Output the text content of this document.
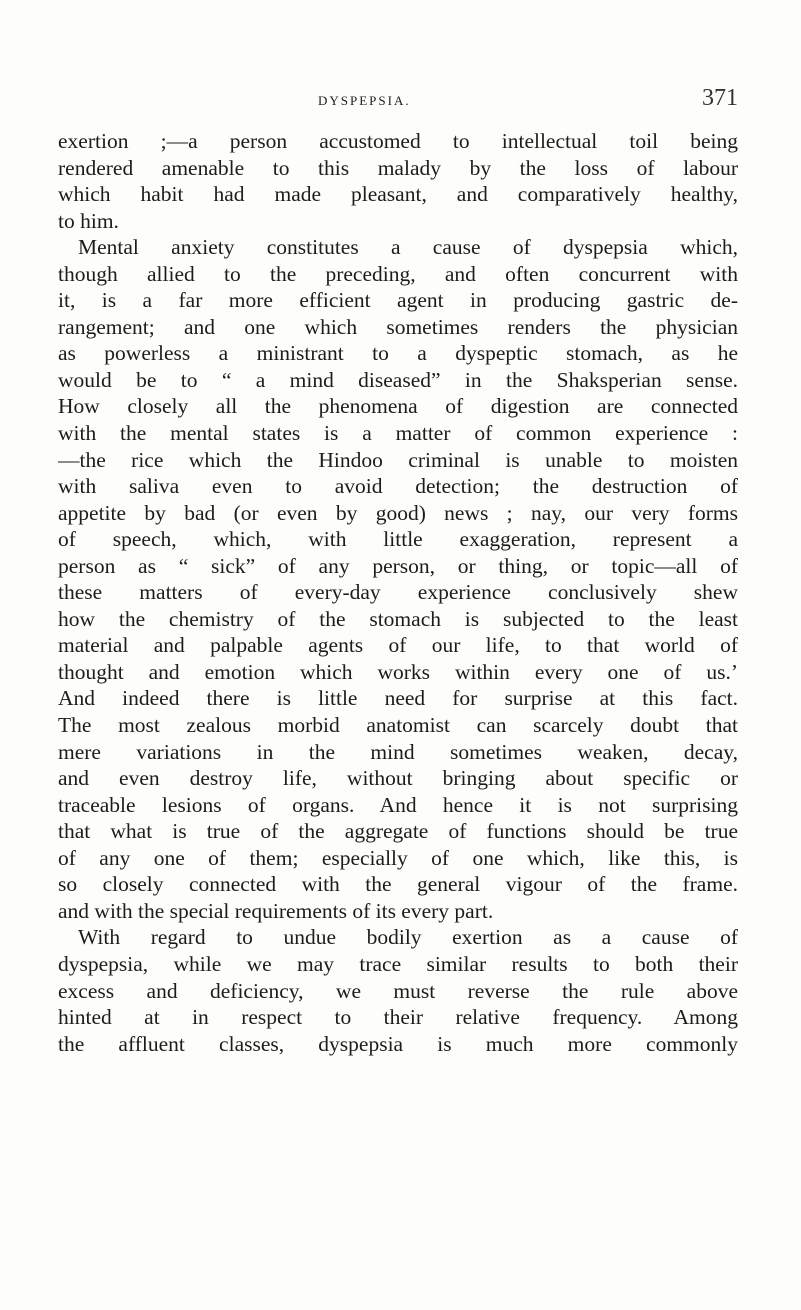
DYSPEPSIA.	371
exertion ;—a person accustomed to intellectual toil being
rendered amenable to this malady by the loss of labour
which habit had made pleasant, and comparatively healthy,
to him.
Mental anxiety constitutes a cause of dyspepsia which,
though allied to the preceding, and often concurrent with
it, is a far more efficient agent in producing gastric de-
rangement; and one which sometimes renders the physician
as powerless a ministrant to a dyspeptic stomach, as he
would be to “ a mind diseased” in the Shaksperian sense.
How closely all the phenomena of digestion are connected
with the mental states is a matter of common experience :
—the rice which the Hindoo criminal is unable to moisten
with saliva even to avoid detection; the destruction of
appetite by bad (or even by good) news ; nay, our very forms
of speech, which, with little exaggeration, represent a
person as “ sick” of any person, or thing, or topic—all of
these matters of every-day experience conclusively shew
how the chemistry of the stomach is subjected to the least
material and palpable agents of our life, to that world of
thought and emotion which works within every one of us.’
And indeed there is little need for surprise at this fact.
The most zealous morbid anatomist can scarcely doubt that
mere variations in the mind sometimes weaken, decay,
and even destroy life, without bringing about specific or
traceable lesions of organs. And hence it is not surprising
that what is true of the aggregate of functions should be true
of any one of them; especially of one which, like this, is
so closely connected with the general vigour of the frame.
and with the special requirements of its every part.
With regard to undue bodily exertion as a cause of
dyspepsia, while we may trace similar results to both their
excess and deficiency, we must reverse the rule above
hinted at in respect to their relative frequency. Among
the affluent classes, dyspepsia is much more commonly
